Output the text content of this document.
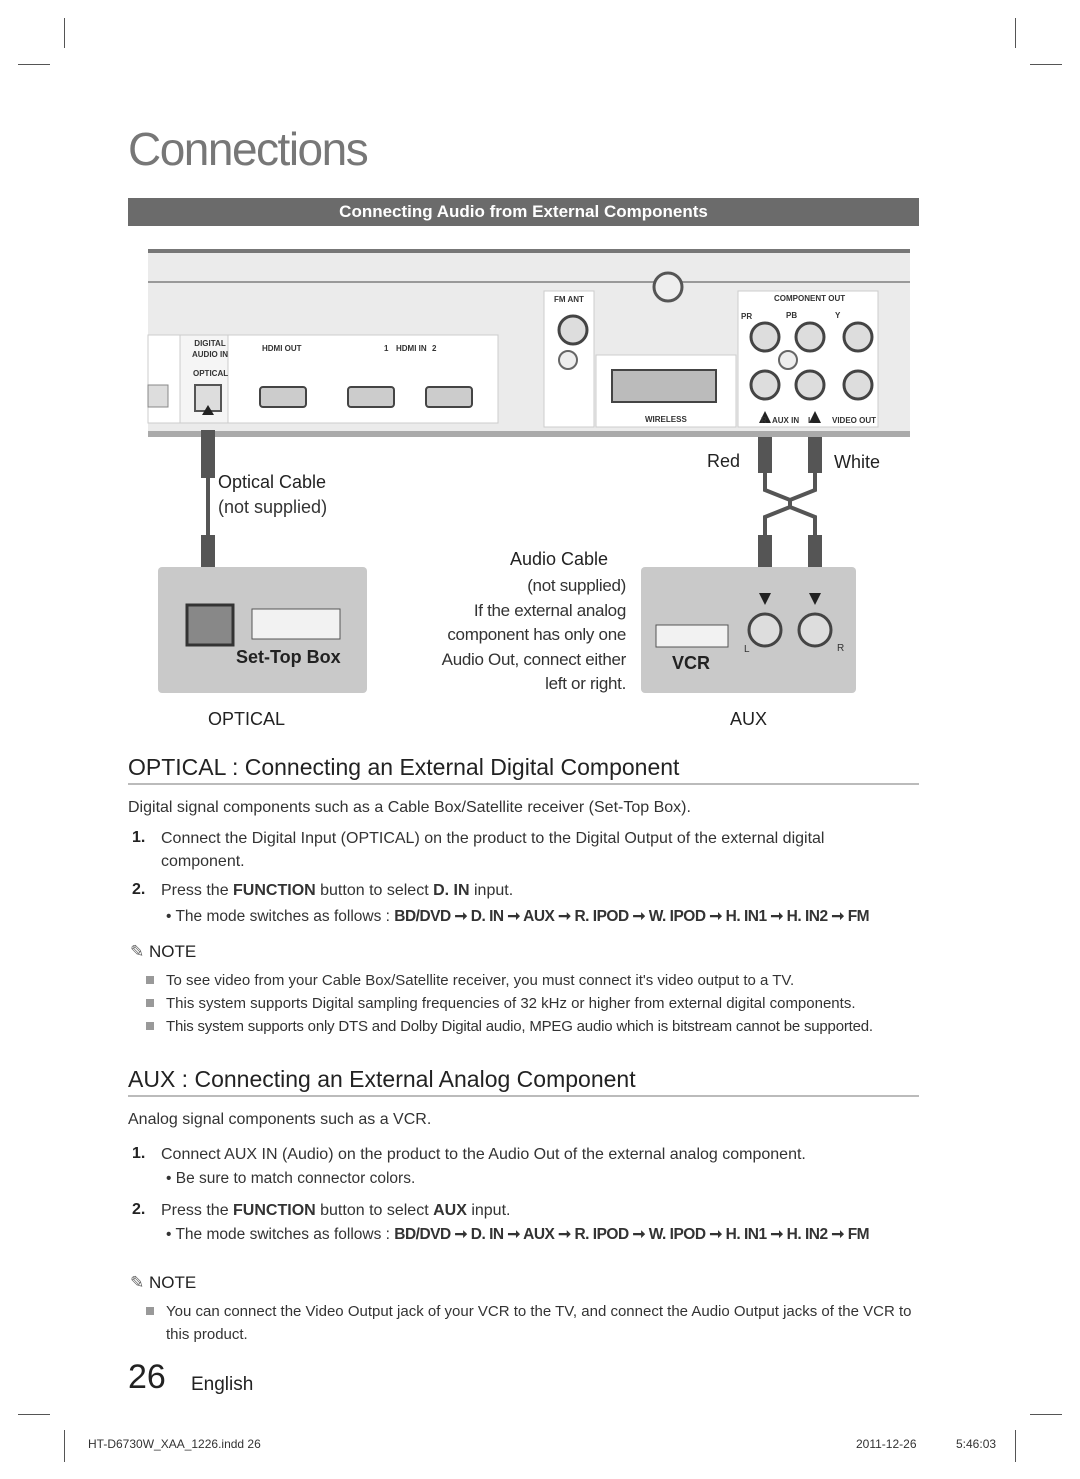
Connections
Connecting Audio from External Components
DIGITAL AUDIO IN
OPTICAL
HDMI OUT	1 HDMI IN 2
FM ANT
WIRELESS
COMPONENT OUT
PR	PB	Y
R AUX IN L VIDEO OUT
Optical Cable
(not supplied)
Red	White
Audio Cable
(not supplied)
If the external analog
component has only one
Audio Out, connect either
left or right.
Set-Top Box	VCR
L	R
OPTICAL	AUX
OPTICAL : Connecting an External Digital Component
Digital signal components such as a Cable Box/Satellite receiver (Set-Top Box).
1. Connect the Digital Input (OPTICAL) on the product to the Digital Output of the external digital component.
2. Press the FUNCTION button to select D. IN input.
• The mode switches as follows : BD/DVD ➞ D. IN ➞ AUX ➞ R. IPOD ➞ W. IPOD ➞ H. IN1 ➞ H. IN2 ➞ FM
✎ NOTE
To see video from your Cable Box/Satellite receiver, you must connect it's video output to a TV.
This system supports Digital sampling frequencies of 32 kHz or higher from external digital components.
This system supports only DTS and Dolby Digital audio, MPEG audio which is bitstream cannot be supported.
AUX : Connecting an External Analog Component
Analog signal components such as a VCR.
1. Connect AUX IN (Audio) on the product to the Audio Out of the external analog component.
• Be sure to match connector colors.
2. Press the FUNCTION button to select AUX input.
• The mode switches as follows : BD/DVD ➞ D. IN ➞ AUX ➞ R. IPOD ➞ W. IPOD ➞ H. IN1 ➞ H. IN2 ➞ FM
✎ NOTE
You can connect the Video Output jack of your VCR to the TV, and connect the Audio Output jacks of the VCR to this product.
26 English
HT-D6730W_XAA_1226.indd 26	2011-12-26	5:46:03
